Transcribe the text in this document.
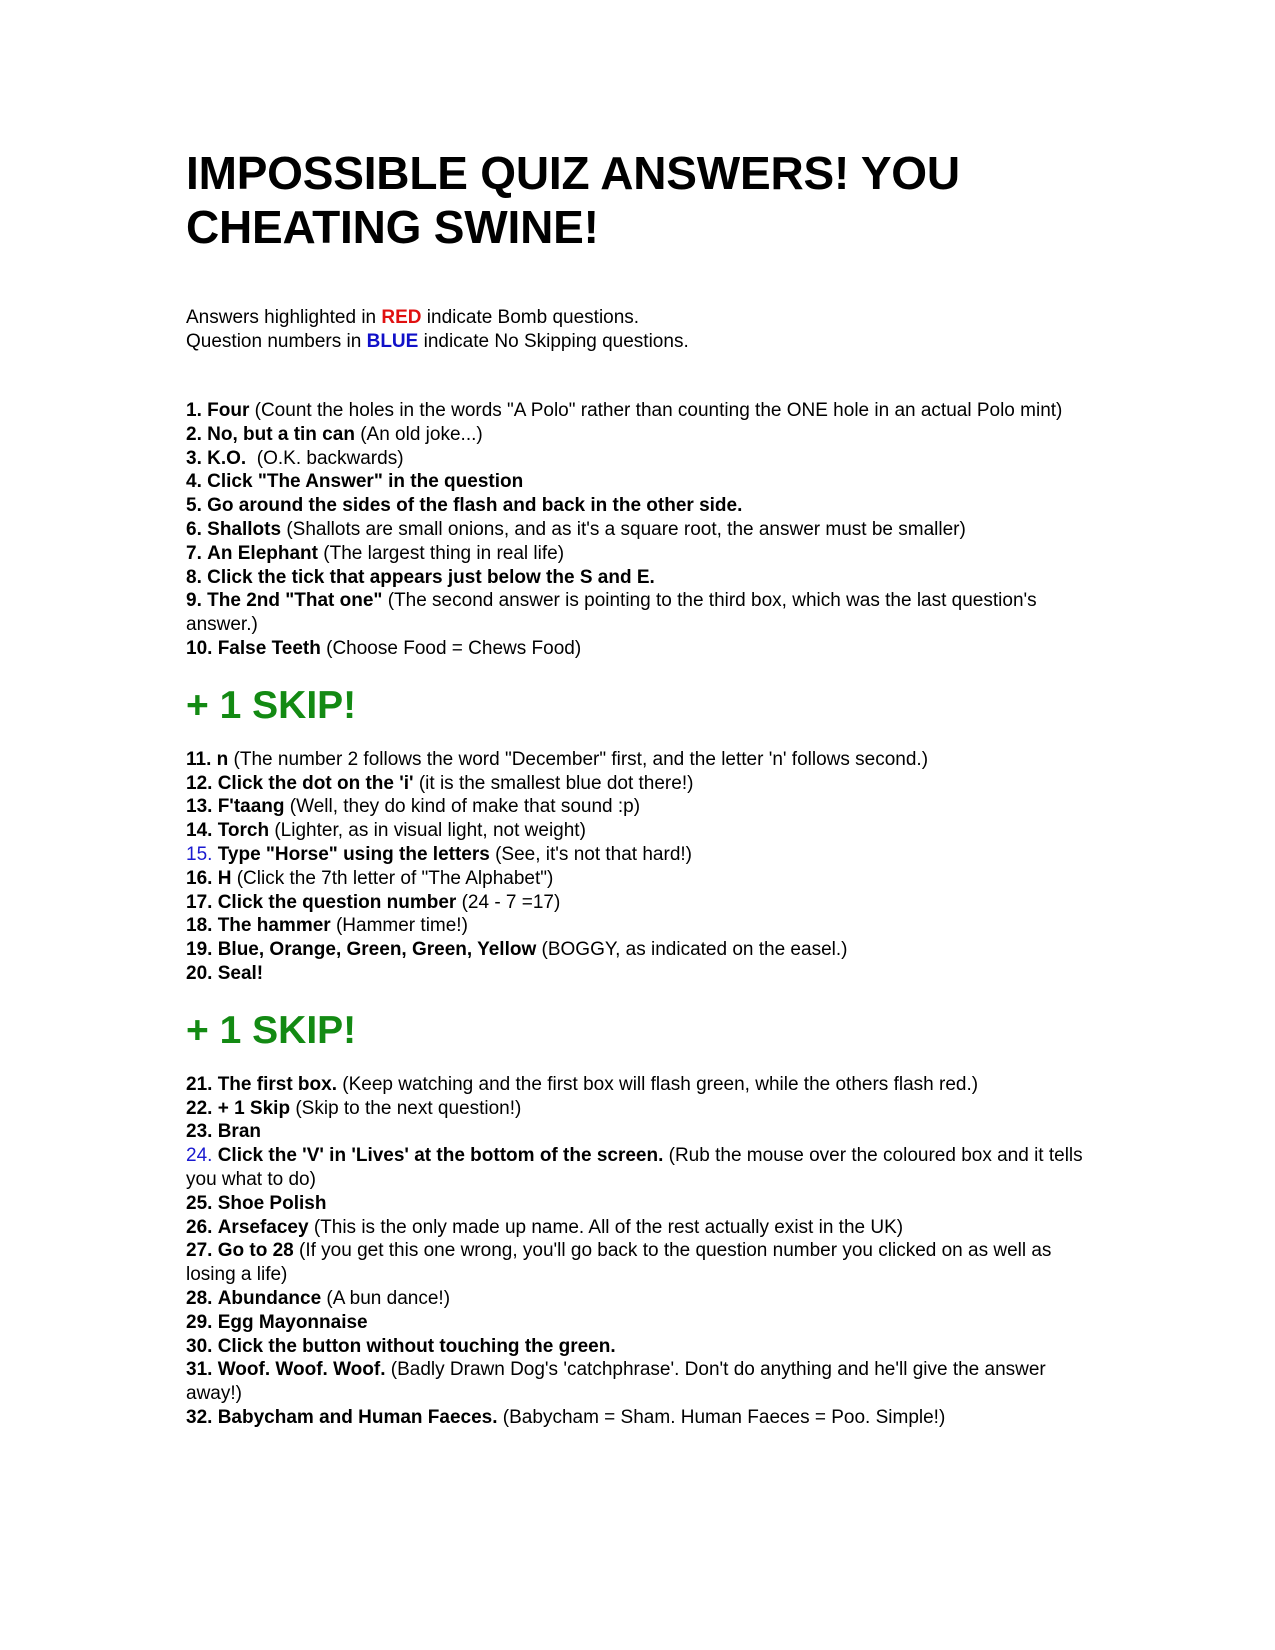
IMPOSSIBLE QUIZ ANSWERS! YOU
CHEATING SWINE!
Answers highlighted in RED indicate Bomb questions.
Question numbers in BLUE indicate No Skipping questions.
1. Four (Count the holes in the words "A Polo" rather than counting the ONE hole in an actual Polo mint)
2. No, but a tin can (An old joke...)
3. K.O.  (O.K. backwards)
4. Click "The Answer" in the question
5. Go around the sides of the flash and back in the other side.
6. Shallots (Shallots are small onions, and as it's a square root, the answer must be smaller)
7. An Elephant (The largest thing in real life)
8. Click the tick that appears just below the S and E.
9. The 2nd "That one" (The second answer is pointing to the third box, which was the last question's answer.)
10. False Teeth (Choose Food = Chews Food)
+ 1 SKIP!
11. n (The number 2 follows the word "December" first, and the letter 'n' follows second.)
12. Click the dot on the 'i' (it is the smallest blue dot there!)
13. F'taang (Well, they do kind of make that sound :p)
14. Torch (Lighter, as in visual light, not weight)
15. Type "Horse" using the letters (See, it's not that hard!)
16. H (Click the 7th letter of "The Alphabet")
17. Click the question number (24 - 7 =17)
18. The hammer (Hammer time!)
19. Blue, Orange, Green, Green, Yellow (BOGGY, as indicated on the easel.)
20. Seal!
+ 1 SKIP!
21. The first box. (Keep watching and the first box will flash green, while the others flash red.)
22. + 1 Skip (Skip to the next question!)
23. Bran
24. Click the 'V' in 'Lives' at the bottom of the screen. (Rub the mouse over the coloured box and it tells you what to do)
25. Shoe Polish
26. Arsefacey (This is the only made up name. All of the rest actually exist in the UK)
27. Go to 28 (If you get this one wrong, you'll go back to the question number you clicked on as well as losing a life)
28. Abundance (A bun dance!)
29. Egg Mayonnaise
30. Click the button without touching the green.
31. Woof. Woof. Woof. (Badly Drawn Dog's 'catchphrase'. Don't do anything and he'll give the answer away!)
32. Babycham and Human Faeces. (Babycham = Sham. Human Faeces = Poo. Simple!)
